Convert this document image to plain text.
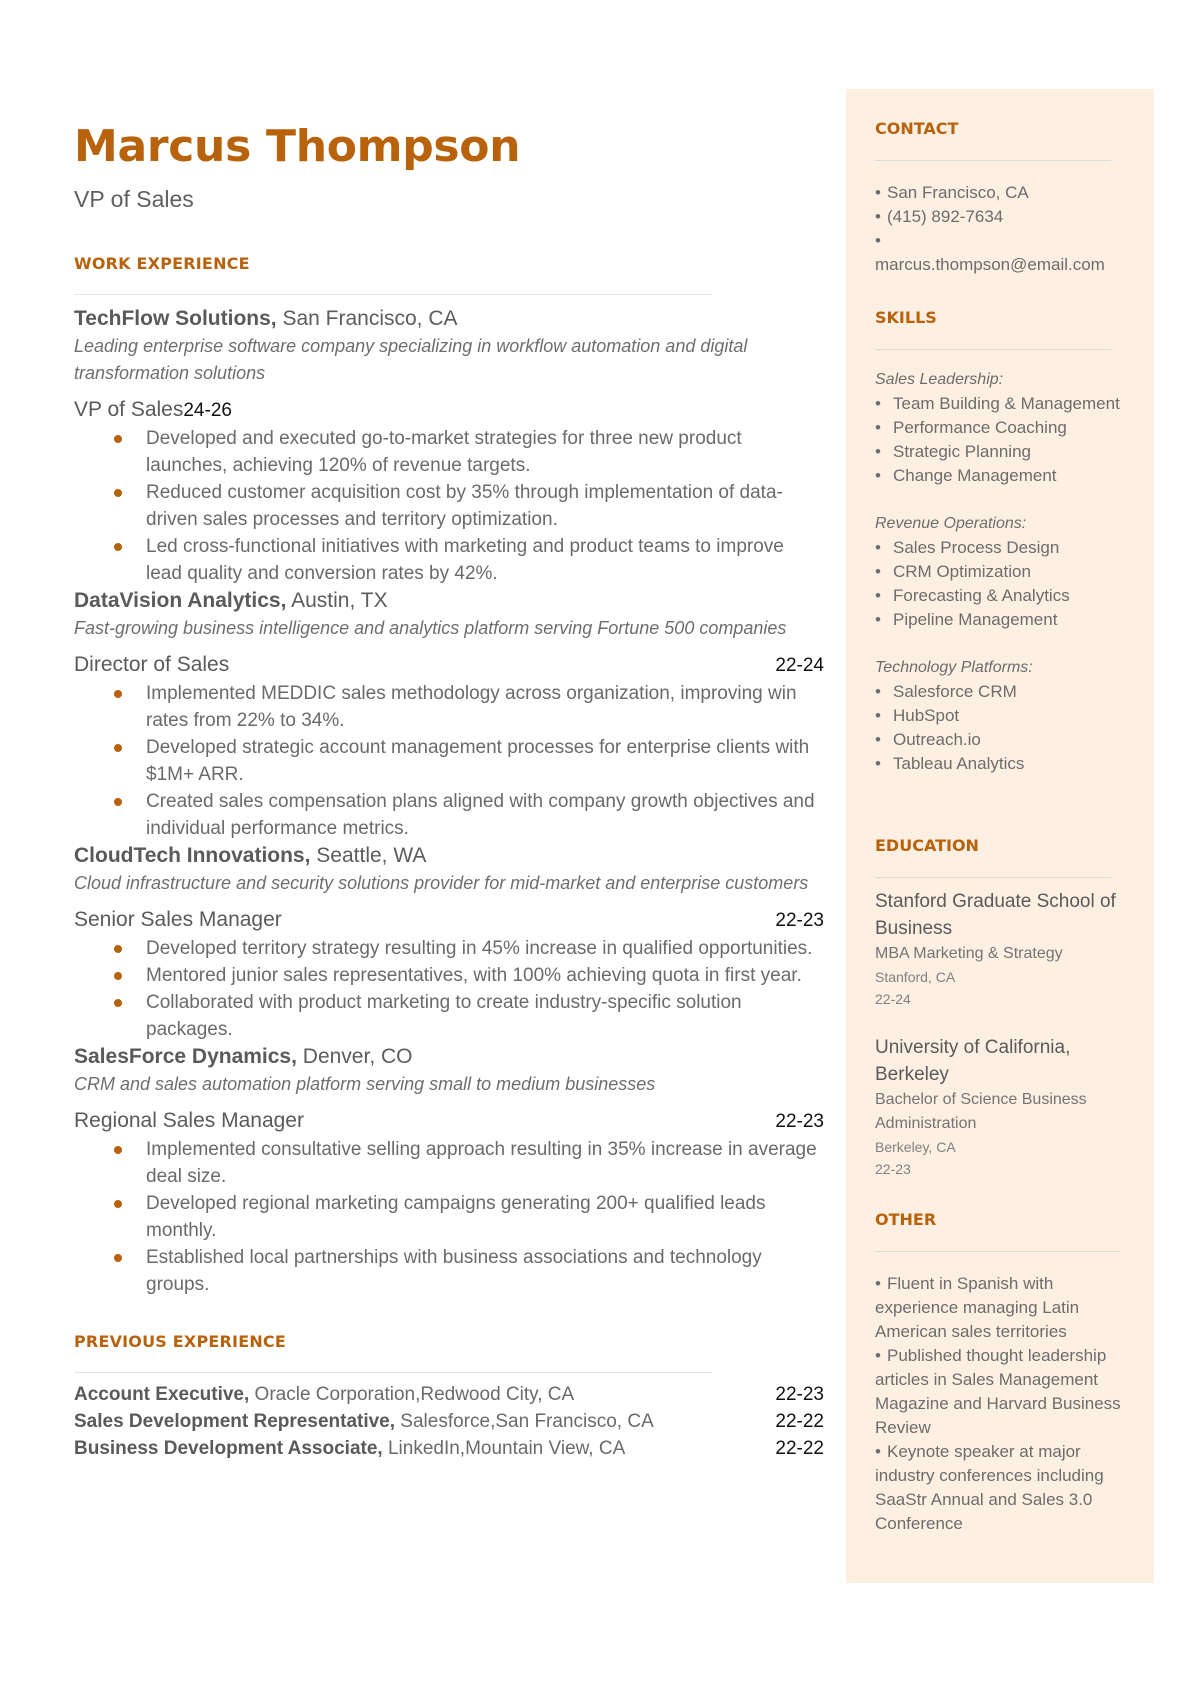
Marcus Thompson
VP of Sales
WORK EXPERIENCE
TechFlow Solutions, San Francisco, CA
Leading enterprise software company specializing in workflow automation and digital transformation solutions
VP of Sales 24-26
Developed and executed go-to-market strategies for three new product launches, achieving 120% of revenue targets.
Reduced customer acquisition cost by 35% through implementation of data-driven sales processes and territory optimization.
Led cross-functional initiatives with marketing and product teams to improve lead quality and conversion rates by 42%.
DataVision Analytics, Austin, TX
Fast-growing business intelligence and analytics platform serving Fortune 500 companies
Director of Sales	22-24
Implemented MEDDIC sales methodology across organization, improving win rates from 22% to 34%.
Developed strategic account management processes for enterprise clients with $1M+ ARR.
Created sales compensation plans aligned with company growth objectives and individual performance metrics.
CloudTech Innovations, Seattle, WA
Cloud infrastructure and security solutions provider for mid-market and enterprise customers
Senior Sales Manager	22-23
Developed territory strategy resulting in 45% increase in qualified opportunities.
Mentored junior sales representatives, with 100% achieving quota in first year.
Collaborated with product marketing to create industry-specific solution packages.
SalesForce Dynamics, Denver, CO
CRM and sales automation platform serving small to medium businesses
Regional Sales Manager	22-23
Implemented consultative selling approach resulting in 35% increase in average deal size.
Developed regional marketing campaigns generating 200+ qualified leads monthly.
Established local partnerships with business associations and technology groups.
PREVIOUS EXPERIENCE
Account Executive, Oracle Corporation,Redwood City, CA	22-23
Sales Development Representative, Salesforce,San Francisco, CA	22-22
Business Development Associate, LinkedIn,Mountain View, CA	22-22
CONTACT
• San Francisco, CA
• (415) 892-7634
•
marcus.thompson@email.com
SKILLS
Sales Leadership:
• Team Building & Management
• Performance Coaching
• Strategic Planning
• Change Management
Revenue Operations:
• Sales Process Design
• CRM Optimization
• Forecasting & Analytics
• Pipeline Management
Technology Platforms:
• Salesforce CRM
• HubSpot
• Outreach.io
• Tableau Analytics
EDUCATION
Stanford Graduate School of Business
MBA Marketing & Strategy
Stanford, CA
22-24
University of California, Berkeley
Bachelor of Science Business Administration
Berkeley, CA
22-23
OTHER
• Fluent in Spanish with experience managing Latin American sales territories
• Published thought leadership articles in Sales Management Magazine and Harvard Business Review
• Keynote speaker at major industry conferences including SaaStr Annual and Sales 3.0 Conference
